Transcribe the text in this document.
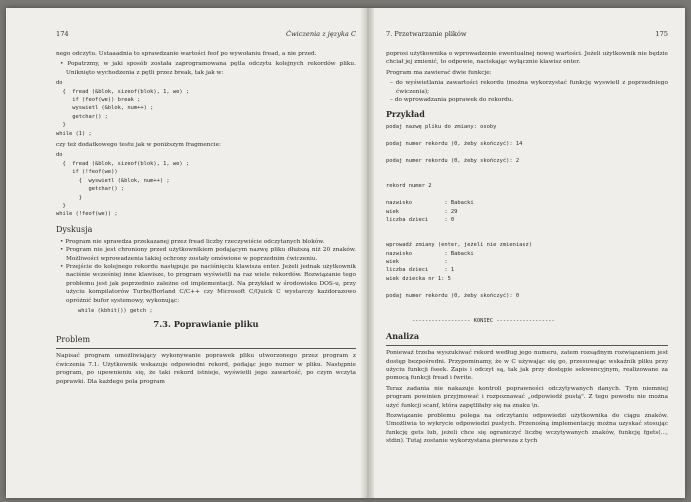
174	Ćwiczenia z języka C

nego odczytu. Ustaaadnia to sprawdzanie wartości feof po wywołaniu fread, a nie przed.

• Popatrzmy, w jaki sposób została zaprogramowana pętla odczytu kolejnych rekordów pliku. Uniknięto wychodzenia z pętli przez break, tak jak w:
do
{  fread (&blok, sizeof(blok), 1, we) ;
if (feof(we)) break ;
wyswietl (&blok, num++) ;
getchar() ;
}
while (1) ;

czy też dodatkowego testu jak w poniższym fragmencie:

do
{  fread (&blok, sizeof(blok), 1, we) ;
if (!feof(we))
{  wyswietl (&blok, num++) ;
getchar() ;
}
}
while (!feof(we)) ;
Dyskusja
• Program nie sprawdza przekazanej przez fread liczby rzeczywiście odczytanych bloków.
• Program nie jest chroniony przed użytkownikiem podającym nazwę pliku dłuższą niż 20 znaków. Możliwości wprowadzenia takiej ochrony zostały omówione w poprzednim ćwiczeniu.
• Przejście do kolejnego rekordu następuje po naciśnięciu klawisza enter. Jeżeli jednak użytkownik naciśnie wcześniej inne klawisze, to program wyświetli na raz wiele rekordów. Rozwiązanie tego problemu jest jak poprzednio zależne od implementacji. Na przykład w środowisku DOS-u, przy użyciu kompilatorów Turbo/Borland C/C++ czy Microsoft C/Quick C wystarczy każdorazowo opróżnić bufor systemowy, wykonując:
while (kbhit()) getch ;
7.3. Poprawianie pliku
Problem

Napisać program umożliwiający wykonywanie poprawek pliku utworzonego przez program z ćwiczenia 7.1. Użytkownik wskazuje odpowiedni rekord, podając jego numer w pliku. Następnie program, po upewnieniu się, że taki rekord istnieje, wyświetli jego zawartość, po czym wczyta poprawki. Dla każdego pola program

7. Przetwarzanie plików	175

poprosi użytkownika o wprowadzenie ewentualnej nowej wartości. Jeżeli użytkownik nie będzie chciał jej zmienić, to odpowie, naciskając wyłącznie klawisz enter.

Program ma zawierać dwie funkcje:

– do wyświetlania zawartości rekordu (można wykorzystać funkcję wyswietl z poprzedniego ćwiczenia);
– do wprowadzania poprawek do rekordu.
Przykład
podaj nazwę pliku do zmiany: osoby

podaj numer rekordu (0, żeby skończyć): 14

podaj numer rekordu (0, żeby skończyć): 2

rekord numer 2

nazwisko          : Babacki
wiek              : 29
liczba dzieci     : 0

wprowadź zmiany (enter, jeżeli nie zmieniasz)
nazwisko          : Babacki
wiek              :
liczba dzieci     : 1
wiek dziecka nr 1: 5

podaj numer rekordu (0, żeby skończyć): 0

------------------ KONIEC ------------------
Analiza

Ponieważ trzeba wyszukiwać rekord według jego numeru, zatem rozsądnym rozwiązaniem jest dostęp bezpośredni. Przypominamy, że w C używając się go, przesuwając wskaźnik pliku przy użyciu funkcji fseek. Zapis i odczyt są, tak jak przy dostępie sekwencyjnym, realizowane za pomocą funkcji fread i fwrite.

Teraz zadania nie nakazuje kontroli poprawności odczytywanych danych. Tym niemniej program powinien przyjmować i rozpoznawać „odpowiedź pustą". Z tego powodu nie można użyć funkcji scanf, która zapętliłaby się na znaku \n.

Rozwiązanie problemu polega na odczytaniu odpowiedzi użytkownika do ciągu znaków. Umożliwia to wykrycie odpowiedzi pustych. Przenośną implementację można uzyskać stosując funkcję gets lub, jeżeli chce się ograniczyć liczbę wczytywanych znaków, funkcję fgets(..., stdin). Tutaj zostanie wykorzystana pierwsza z tych
